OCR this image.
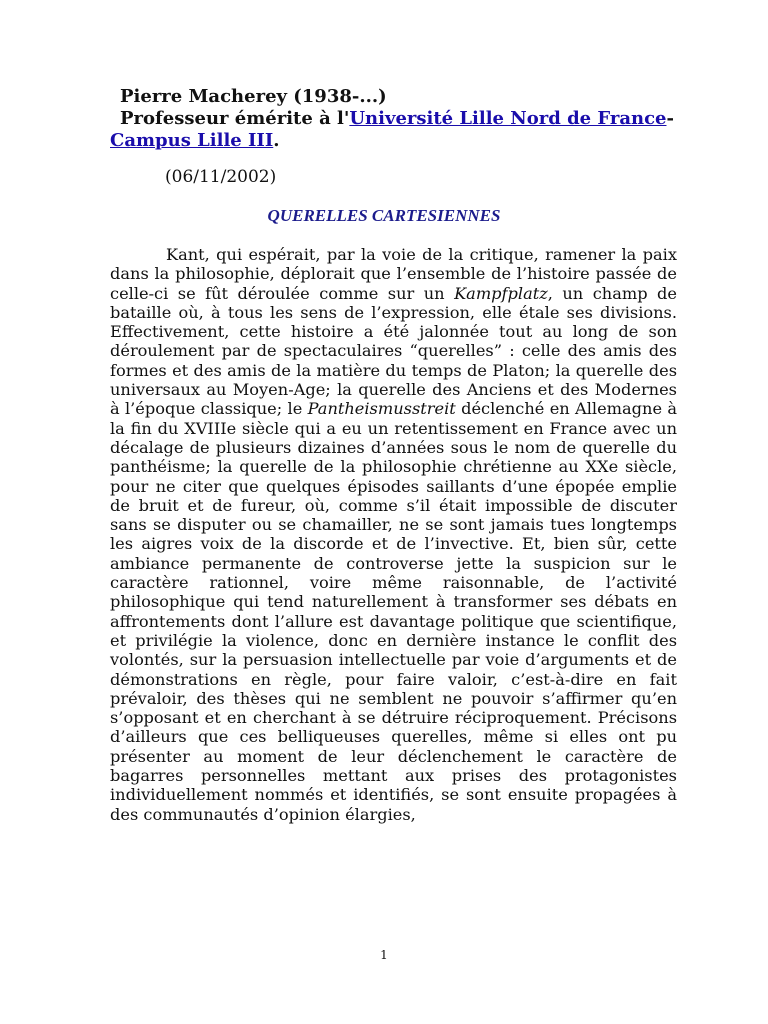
Pierre Macherey (1938-...)
Professeur émérite à l'Université Lille Nord de France-
Campus Lille III.
(06/11/2002)
QUERELLES CARTESIENNES

Kant, qui espérait, par la voie de la critique, ramener la paix dans la philosophie, déplorait que l’ensemble de l’histoire passée de celle-ci se fût déroulée comme sur un Kampfplatz, un champ de bataille où, à tous les sens de l’expression, elle étale ses divisions. Effectivement, cette histoire a été jalonnée tout au long de son déroulement par de spectaculaires “querelles” : celle des amis des formes et des amis de la matière du temps de Platon; la querelle des universaux au Moyen-Age; la querelle des Anciens et des Modernes à l’époque classique; le Pantheismusstreit déclenché en Allemagne à la fin du XVIIIe siècle qui a eu un retentissement en France avec un décalage de plusieurs dizaines d’années sous le nom de querelle du panthéisme; la querelle de la philosophie chrétienne au XXe siècle, pour ne citer que quelques épisodes saillants d’une épopée emplie de bruit et de fureur, où, comme s’il était impossible de discuter sans se disputer ou se chamailler, ne se sont jamais tues longtemps les aigres voix de la discorde et de l’invective. Et, bien sûr, cette ambiance permanente de controverse jette la suspicion sur le caractère rationnel, voire même raisonnable, de l’activité philosophique qui tend naturellement à transformer ses débats en affrontements dont l’allure est davantage politique que scientifique, et privilégie la violence, donc en dernière instance le conflit des volontés, sur la persuasion intellectuelle par voie d’arguments et de démonstrations en règle, pour faire valoir, c’est-à-dire en fait prévaloir, des thèses qui ne semblent ne pouvoir s’affirmer qu’en s’opposant et en cherchant à se détruire réciproquement. Précisons d’ailleurs que ces belliqueuses querelles, même si elles ont pu présenter au moment de leur déclenchement le caractère de bagarres personnelles mettant aux prises des protagonistes individuellement nommés et identifiés, se sont ensuite propagées à des communautés d’opinion élargies,

1
